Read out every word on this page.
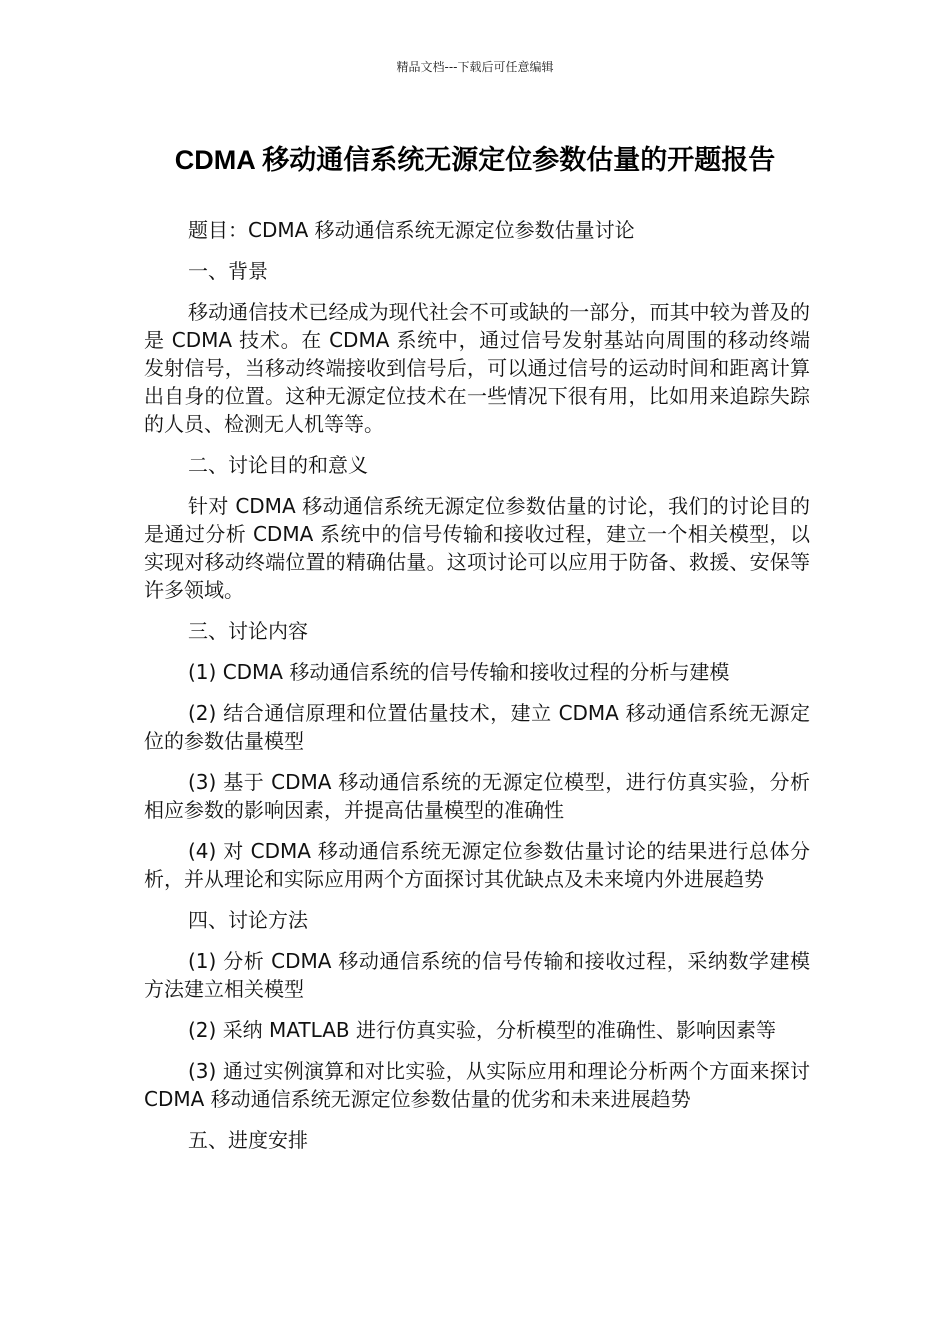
精品文档---下载后可任意编辑
CDMA 移动通信系统无源定位参数估量的开题报告
题目：CDMA 移动通信系统无源定位参数估量讨论
一、背景
移动通信技术已经成为现代社会不可或缺的一部分，而其中较为普及的是 CDMA 技术。在 CDMA 系统中，通过信号发射基站向周围的移动终端发射信号，当移动终端接收到信号后，可以通过信号的运动时间和距离计算出自身的位置。这种无源定位技术在一些情况下很有用，比如用来追踪失踪的人员、检测无人机等等。
二、讨论目的和意义
针对 CDMA 移动通信系统无源定位参数估量的讨论，我们的讨论目的是通过分析 CDMA 系统中的信号传输和接收过程，建立一个相关模型，以实现对移动终端位置的精确估量。这项讨论可以应用于防备、救援、安保等许多领域。
三、讨论内容
(1) CDMA 移动通信系统的信号传输和接收过程的分析与建模
(2) 结合通信原理和位置估量技术，建立 CDMA 移动通信系统无源定位的参数估量模型
(3) 基于 CDMA 移动通信系统的无源定位模型，进行仿真实验，分析相应参数的影响因素，并提高估量模型的准确性
(4) 对 CDMA 移动通信系统无源定位参数估量讨论的结果进行总体分析，并从理论和实际应用两个方面探讨其优缺点及未来境内外进展趋势
四、讨论方法
(1) 分析 CDMA 移动通信系统的信号传输和接收过程，采纳数学建模方法建立相关模型
(2) 采纳 MATLAB 进行仿真实验，分析模型的准确性、影响因素等
(3) 通过实例演算和对比实验，从实际应用和理论分析两个方面来探讨 CDMA 移动通信系统无源定位参数估量的优劣和未来进展趋势
五、进度安排
